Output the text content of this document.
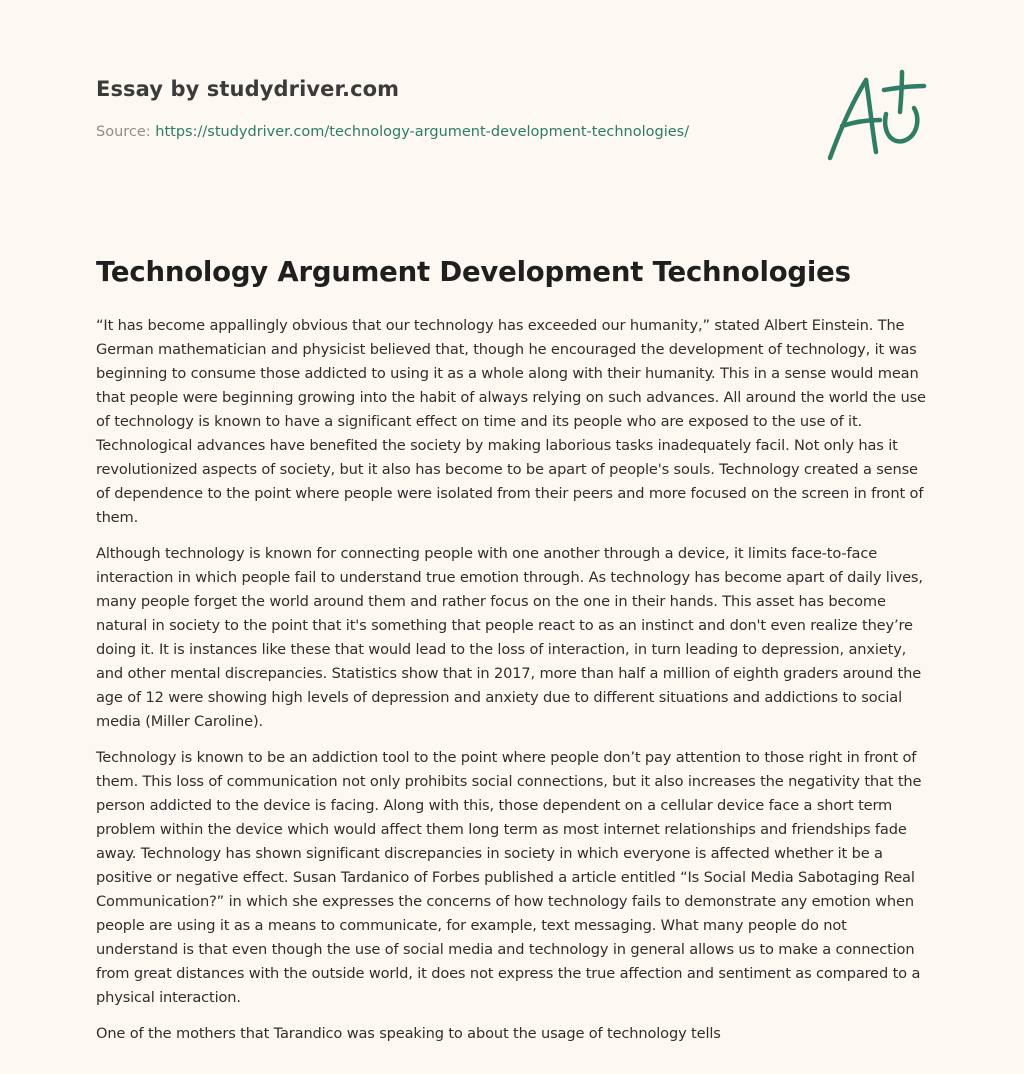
Essay by studydriver.com

Source: https://studydriver.com/technology-argument-development-technologies/

Technology Argument Development Technologies

“It has become appallingly obvious that our technology has exceeded our humanity,” stated Albert Einstein. The German mathematician and physicist believed that, though he encouraged the development of technology, it was beginning to consume those addicted to using it as a whole along with their humanity. This in a sense would mean that people were beginning growing into the habit of always relying on such advances. All around the world the use of technology is known to have a significant effect on time and its people who are exposed to the use of it. Technological advances have benefited the society by making laborious tasks inadequately facil. Not only has it revolutionized aspects of society, but it also has become to be apart of people's souls. Technology created a sense of dependence to the point where people were isolated from their peers and more focused on the screen in front of them.

Although technology is known for connecting people with one another through a device, it limits face-to-face interaction in which people fail to understand true emotion through. As technology has become apart of daily lives, many people forget the world around them and rather focus on the one in their hands. This asset has become natural in society to the point that it's something that people react to as an instinct and don't even realize they’re doing it. It is instances like these that would lead to the loss of interaction, in turn leading to depression, anxiety, and other mental discrepancies. Statistics show that in 2017, more than half a million of eighth graders around the age of 12 were showing high levels of depression and anxiety due to different situations and addictions to social media (Miller Caroline).

Technology is known to be an addiction tool to the point where people don’t pay attention to those right in front of them. This loss of communication not only prohibits social connections, but it also increases the negativity that the person addicted to the device is facing. Along with this, those dependent on a cellular device face a short term problem within the device which would affect them long term as most internet relationships and friendships fade away. Technology has shown significant discrepancies in society in which everyone is affected whether it be a positive or negative effect. Susan Tardanico of Forbes published a article entitled “Is Social Media Sabotaging Real Communication?” in which she expresses the concerns of how technology fails to demonstrate any emotion when people are using it as a means to communicate, for example, text messaging. What many people do not understand is that even though the use of social media and technology in general allows us to make a connection from great distances with the outside world, it does not express the true affection and sentiment as compared to a physical interaction.

One of the mothers that Tarandico was speaking to about the usage of technology tells
